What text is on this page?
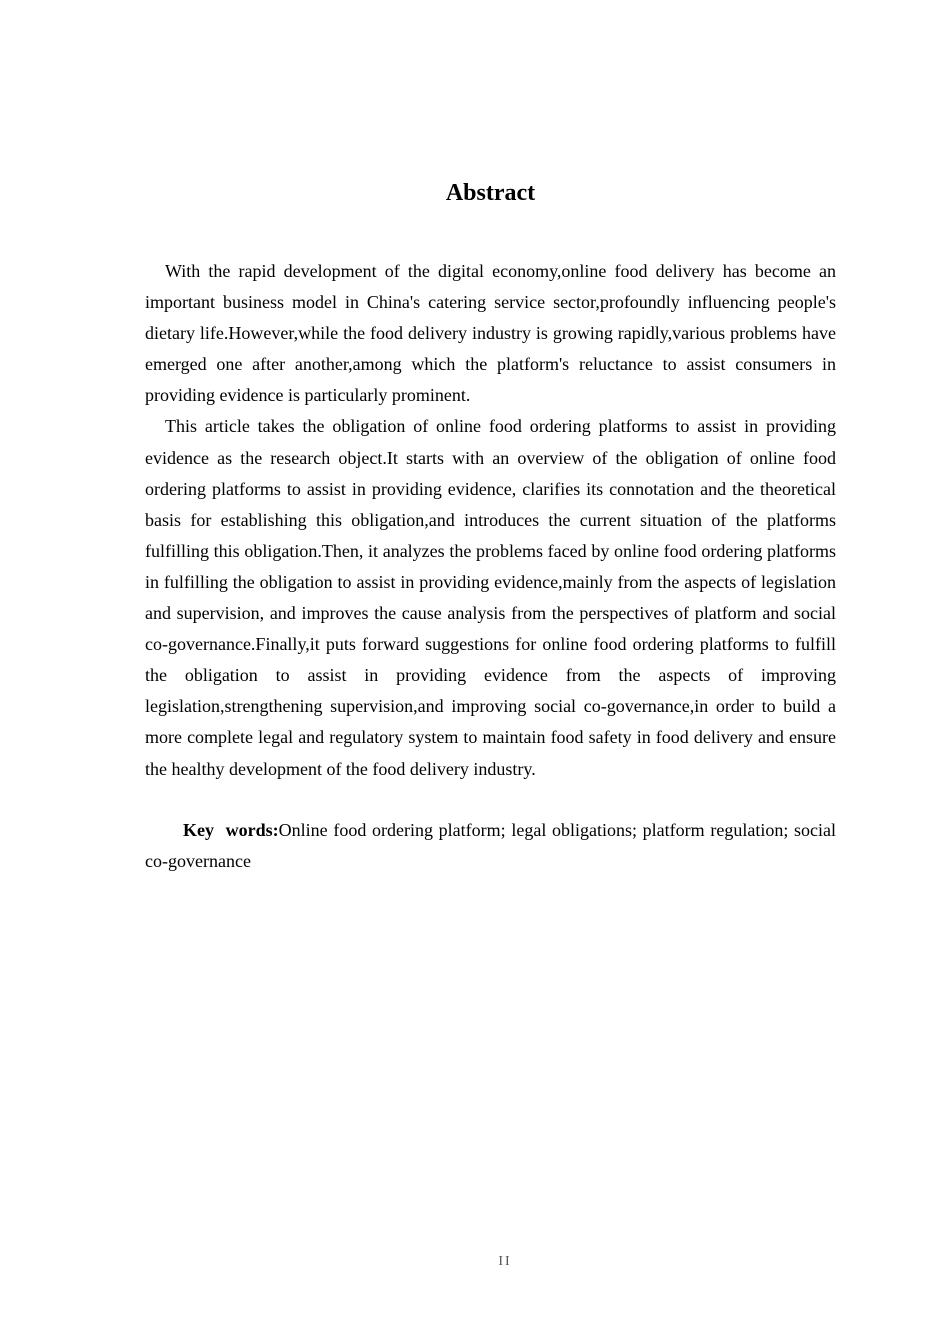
Abstract

With the rapid development of the digital economy,online food delivery has become an important business model in China's catering service sector,profoundly influencing people's dietary life.However,while the food delivery industry is growing rapidly,various problems have emerged one after another,among which the platform's reluctance to assist consumers in providing evidence is particularly prominent.

This article takes the obligation of online food ordering platforms to assist in providing evidence as the research object.It starts with an overview of the obligation of online food ordering platforms to assist in providing evidence, clarifies its connotation and the theoretical basis for establishing this obligation,and introduces the current situation of the platforms fulfilling this obligation.Then, it analyzes the problems faced by online food ordering platforms in fulfilling the obligation to assist in providing evidence,mainly from the aspects of legislation and supervision, and improves the cause analysis from the perspectives of platform and social co-governance.Finally,it puts forward suggestions for online food ordering platforms to fulfill the obligation to assist in providing evidence from the aspects of improving legislation,strengthening supervision,and improving social co-governance,in order to build a more complete legal and regulatory system to maintain food safety in food delivery and ensure the healthy development of the food delivery industry.

Key words:Online food ordering platform; legal obligations; platform regulation; social co-governance

II
